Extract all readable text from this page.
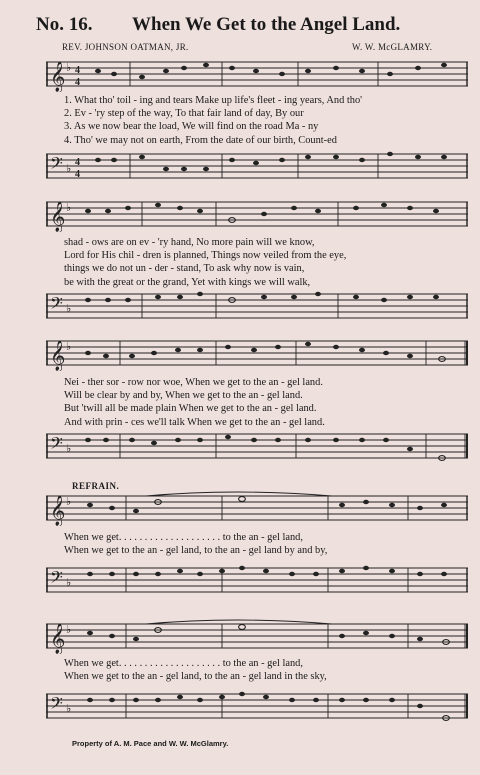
No. 16. When We Get to the Angel Land.
REV. JOHNSON OATMAN, JR.	W. W. McGLAMRY.
𝄞 ♭ 4
4
1. What tho' toil - ing and tears Make up life's fleet - ing years, And tho'
2. Ev - 'ry step of the way, To that fair land of day, By our
3. As we now bear the load, We will find on the road Ma - ny
4. Tho' we may not on earth, From the date of our birth, Count-ed
𝄢 ♭
4
4
𝄞 ♭
shad - ows are on ev - 'ry hand, No more pain will we know,
Lord for His chil - dren is planned, Things now veiled from the eye,
things we do not un - der - stand, To ask why now is vain,
be with the great or the grand, Yet with kings we will walk,
𝄢 ♭
𝄞 ♭
Nei - ther sor - row nor woe, When we get to the an - gel land.
Will be clear by and by, When we get to the an - gel land.
But 'twill all be made plain When we get to the an - gel land.
And with prin - ces we'll talk When we get to the an - gel land.
𝄢 ♭
REFRAIN.
𝄞 ♭
When we get. . . . . . . . . . . . . . . . . . . . to the an - gel land,
When we get to the an - gel land, to the an - gel land by and by,
𝄢 ♭
𝄞 ♭
When we get. . . . . . . . . . . . . . . . . . . . to the an - gel land,
When we get to the an - gel land, to the an - gel land in the sky,
𝄢 ♭
Property of A. M. Pace and W. W. McGlamry.
